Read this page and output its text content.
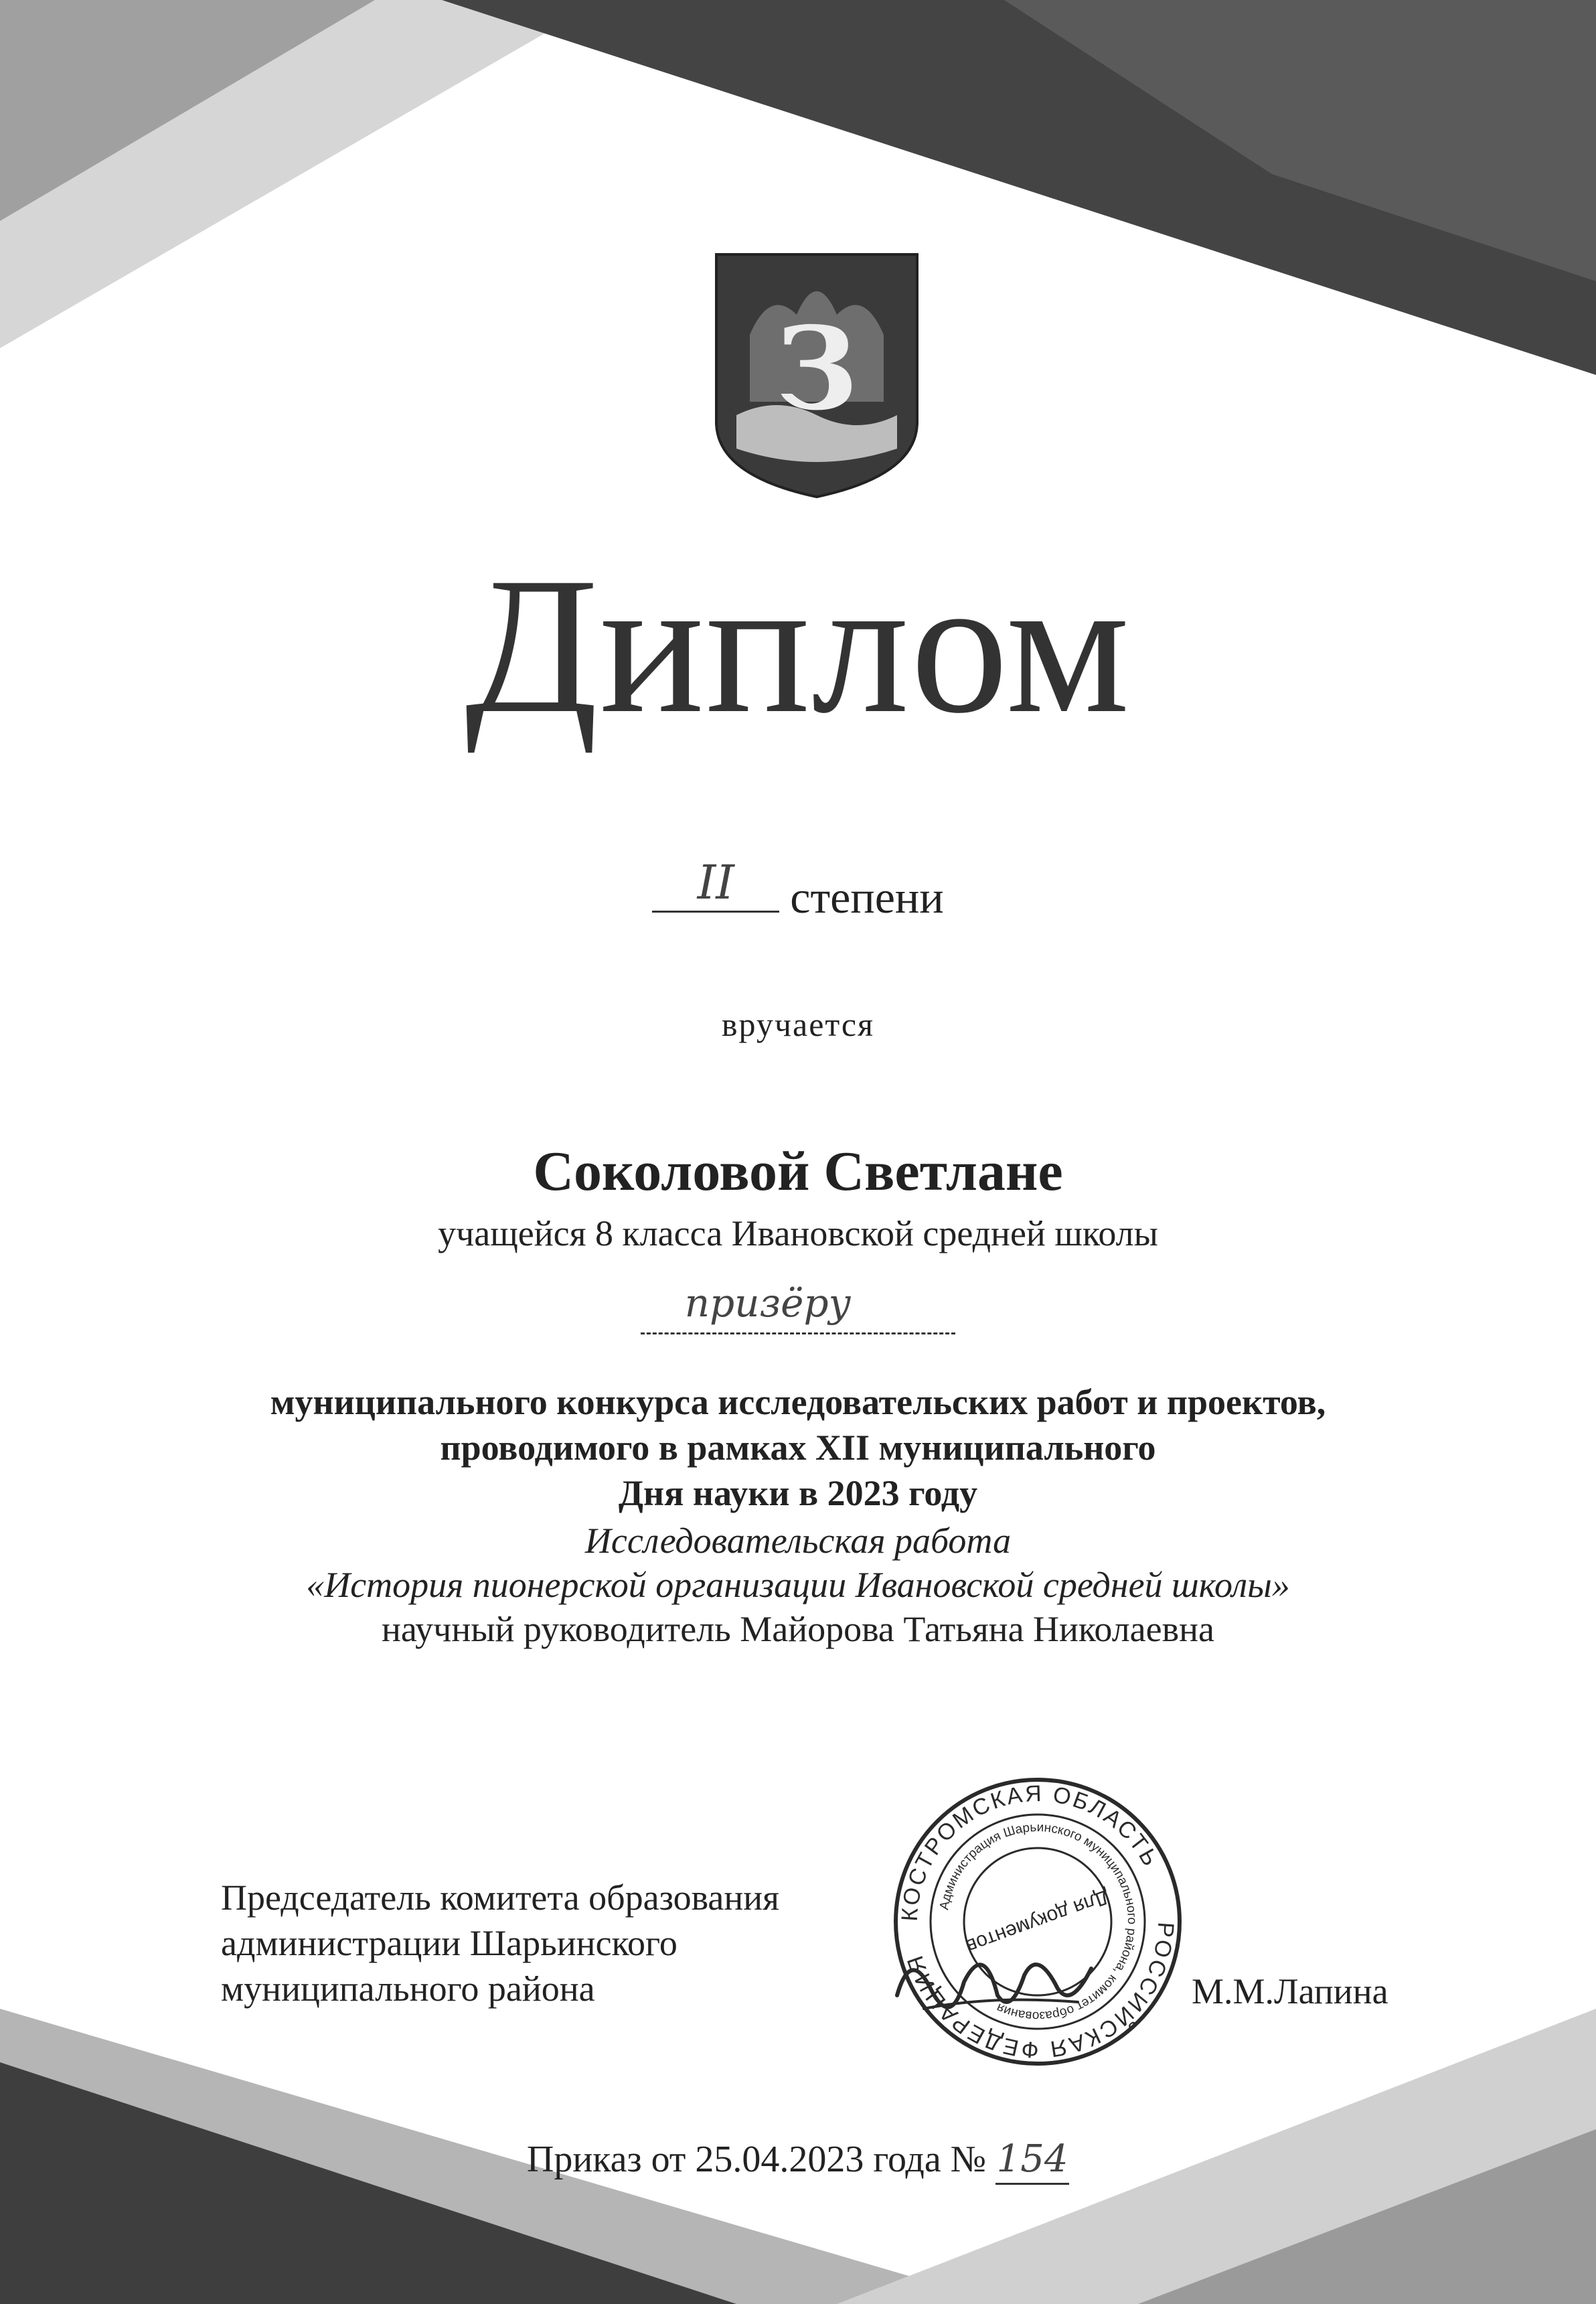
З
Диплом
II	степени
вручается
Соколовой Светлане
учащейся 8 класса Ивановской средней школы
призёру
муниципального конкурса исследовательских работ и проектов,
проводимого в рамках XII муниципального
Дня науки в 2023 году
Исследовательская работа
«История пионерской организации Ивановской средней школы»
научный руководитель Майорова Татьяна Николаевна
Председатель комитета образования
администрации Шарьинского
муниципального района
РОССИЙСКАЯ ФЕДЕРАЦИЯ
КОСТРОМСКАЯ ОБЛАСТЬ
Администрация Шарьинского муниципального района, комитет образования
Для документов
М.М.Лапина
Приказ от 25.04.2023 года № 154
